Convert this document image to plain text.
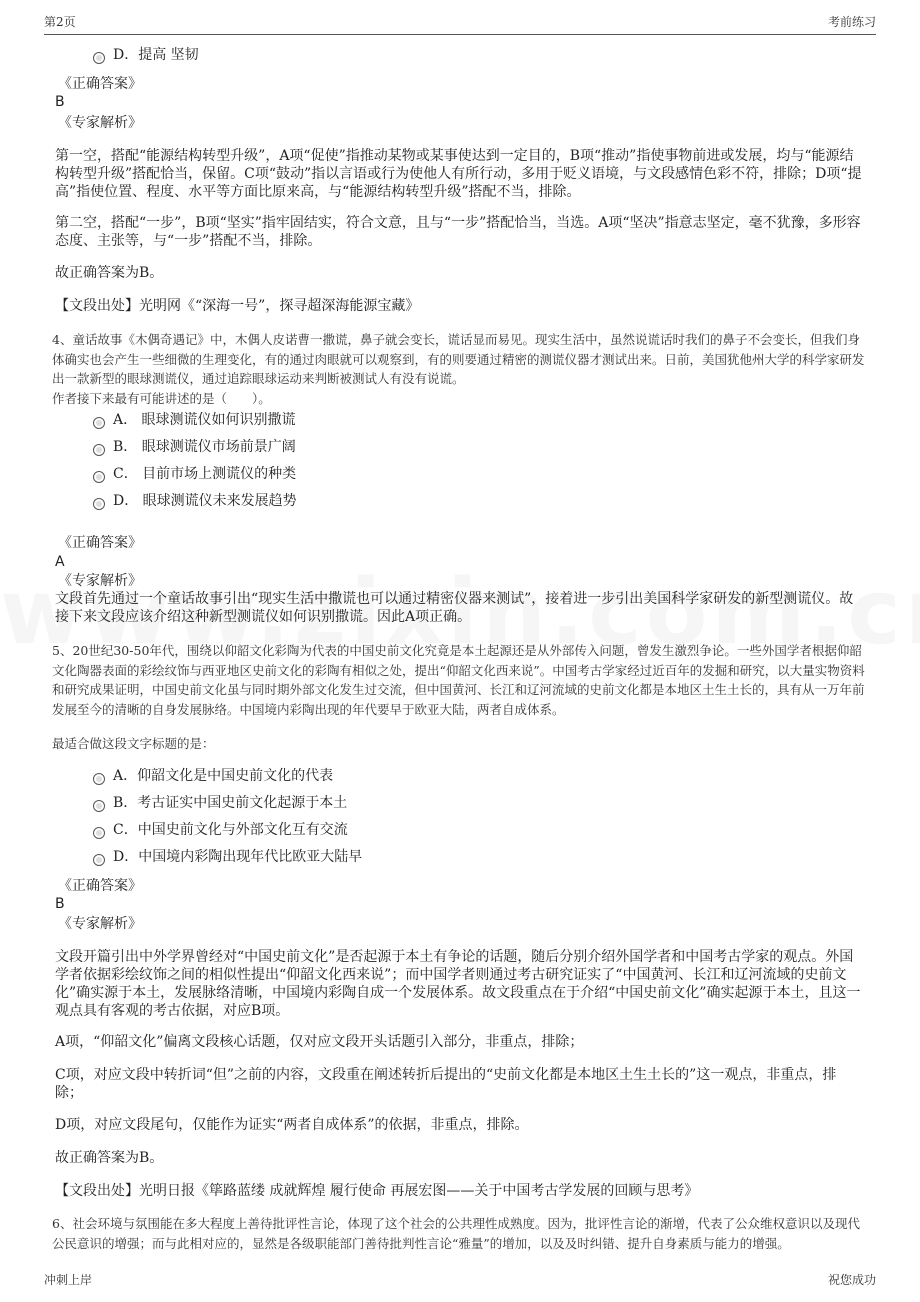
第2页	考前练习
D．提高 坚韧
《正确答案》
B
《专家解析》

第一空，搭配“能源结构转型升级”，A项“促使”指推动某物或某事使达到一定目的，B项“推动”指使事物前进或发展，均与“能源结构转型升级”搭配恰当，保留。C项“鼓动”指以言语或行为使他人有所行动，多用于贬义语境，与文段感情色彩不符，排除；D项“提高”指使位置、程度、水平等方面比原来高，与“能源结构转型升级”搭配不当，排除。

第二空，搭配“一步”，B项“坚实”指牢固结实，符合文意，且与“一步”搭配恰当，当选。A项“坚决”指意志坚定，毫不犹豫，多形容态度、主张等，与“一步”搭配不当，排除。

故正确答案为B。

【文段出处】光明网《“深海一号”，探寻超深海能源宝藏》

4、童话故事《木偶奇遇记》中，木偶人皮诺曹一撒谎，鼻子就会变长，谎话显而易见。现实生活中，虽然说谎话时我们的鼻子不会变长，但我们身体确实也会产生一些细微的生理变化，有的通过肉眼就可以观察到，有的则要通过精密的测谎仪器才测试出来。日前，美国犹他州大学的科学家研发出一款新型的眼球测谎仪，通过追踪眼球运动来判断被测试人有没有说谎。

作者接下来最有可能讲述的是（　　）。

A． 眼球测谎仪如何识别撒谎
B． 眼球测谎仪市场前景广阔
C． 目前市场上测谎仪的种类
D． 眼球测谎仪未来发展趋势
《正确答案》
A
《专家解析》

文段首先通过一个童话故事引出“现实生活中撒谎也可以通过精密仪器来测试”，接着进一步引出美国科学家研发的新型测谎仪。故接下来文段应该介绍这种新型测谎仪如何识别撒谎。因此A项正确。

5、20世纪30-50年代，围绕以仰韶文化彩陶为代表的中国史前文化究竟是本土起源还是从外部传入问题，曾发生激烈争论。一些外国学者根据仰韶文化陶器表面的彩绘纹饰与西亚地区史前文化的彩陶有相似之处，提出“仰韶文化西来说”。中国考古学家经过近百年的发掘和研究，以大量实物资料和研究成果证明，中国史前文化虽与同时期外部文化发生过交流，但中国黄河、长江和辽河流域的史前文化都是本地区土生土长的，具有从一万年前发展至今的清晰的自身发展脉络。中国境内彩陶出现的年代要早于欧亚大陆，两者自成体系。

最适合做这段文字标题的是：

A．仰韶文化是中国史前文化的代表
B．考古证实中国史前文化起源于本土
C．中国史前文化与外部文化互有交流
D．中国境内彩陶出现年代比欧亚大陆早
《正确答案》
B
《专家解析》

文段开篇引出中外学界曾经对“中国史前文化”是否起源于本土有争论的话题，随后分别介绍外国学者和中国考古学家的观点。外国学者依据彩绘纹饰之间的相似性提出“仰韶文化西来说”；而中国学者则通过考古研究证实了“中国黄河、长江和辽河流域的史前文化”确实源于本土，发展脉络清晰，中国境内彩陶自成一个发展体系。故文段重点在于介绍“中国史前文化”确实起源于本土，且这一观点具有客观的考古依据，对应B项。

A项，“仰韶文化”偏离文段核心话题，仅对应文段开头话题引入部分，非重点，排除；

C项，对应文段中转折词“但”之前的内容，文段重在阐述转折后提出的“史前文化都是本地区土生土长的”这一观点，非重点，排除；

D项，对应文段尾句，仅能作为证实“两者自成体系”的依据，非重点，排除。

故正确答案为B。

【文段出处】光明日报《筚路蓝缕 成就辉煌 履行使命 再展宏图——关于中国考古学发展的回顾与思考》

6、社会环境与氛围能在多大程度上善待批评性言论，体现了这个社会的公共理性成熟度。因为，批评性言论的渐增，代表了公众维权意识以及现代公民意识的增强；而与此相对应的，显然是各级职能部门善待批判性言论“雅量”的增加，以及及时纠错、提升自身素质与能力的增强。

冲刺上岸	祝您成功
